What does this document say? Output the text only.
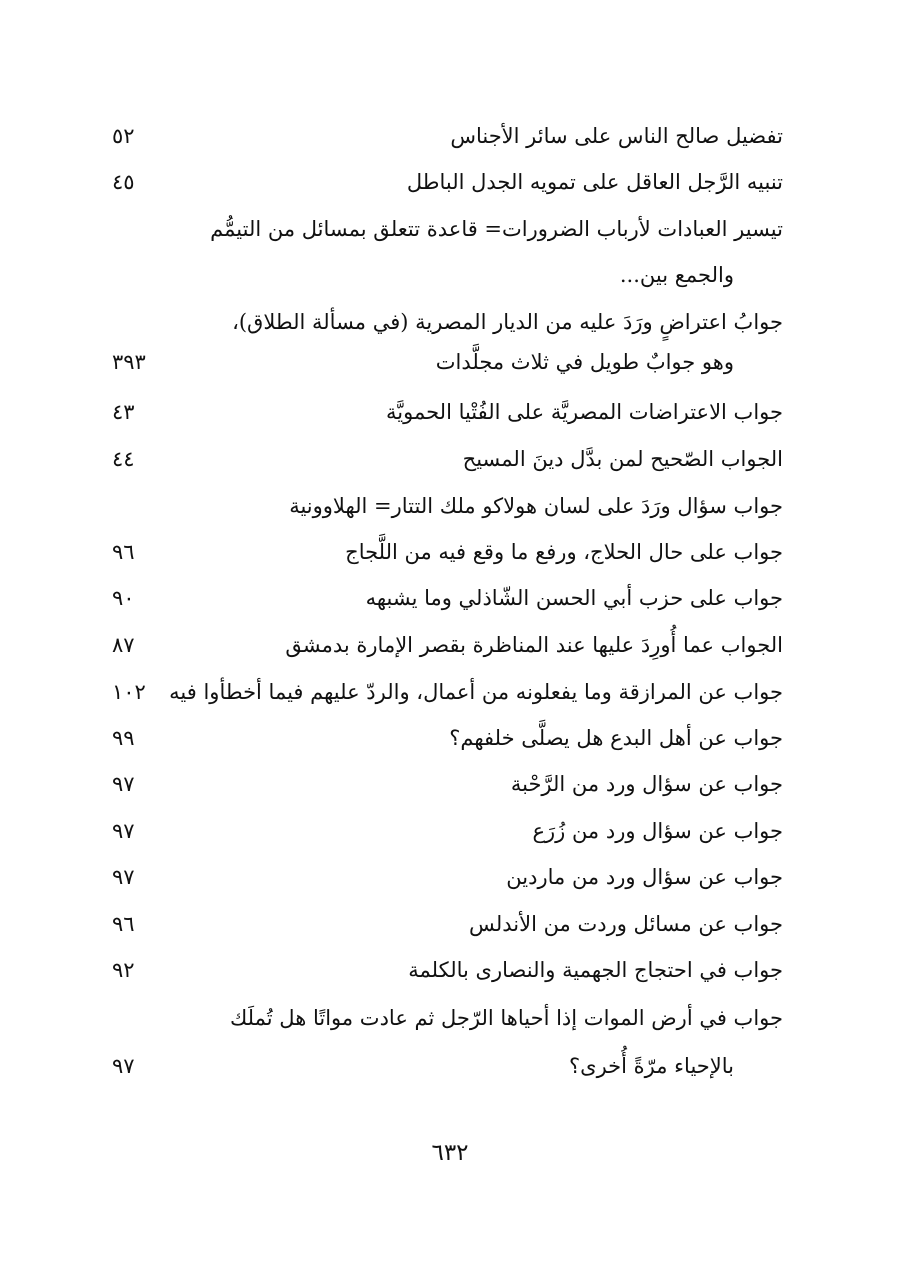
تفضيل صالح الناس على سائر الأجناس
٥٢
تنبيه الرَّجل العاقل على تمويه الجدل الباطل
٤٥
تيسير العبادات لأرباب الضرورات= قاعدة تتعلق بمسائل من التيمُّم
والجمع بين...
جوابُ اعتراضٍ ورَدَ عليه من الديار المصرية (في مسألة الطلاق)،
وهو جوابٌ طويل في ثلاث مجلَّدات
٣٩٣
جواب الاعتراضات المصريَّة على الفُتْيا الحمويَّة
٤٣
الجواب الصّحيح لمن بدَّل دينَ المسيح
٤٤
جواب سؤال ورَدَ على لسان هولاكو ملك التتار= الهلاوونية
جواب على حال الحلاج، ورفع ما وقع فيه من اللَّجاج
٩٦
جواب على حزب أبي الحسن الشّاذلي وما يشبهه
٩٠
الجواب عما أُورِدَ عليها عند المناظرة بقصر الإمارة بدمشق
٨٧
جواب عن المرازقة وما يفعلونه من أعمال، والردّ عليهم فيما أخطأوا فيه
١٠٢
جواب عن أهل البدع هل يصلَّى خلفهم؟
٩٩
جواب عن سؤال ورد من الرَّحْبة
٩٧
جواب عن سؤال ورد من زُرَع
٩٧
جواب عن سؤال ورد من ماردين
٩٧
جواب عن مسائل وردت من الأندلس
٩٦
جواب في احتجاج الجهمية والنصارى بالكلمة
٩٢
جواب في أرض الموات إذا أحياها الرّجل ثم عادت مواتًا هل تُملَك
بالإحياء مرّةً أُخرى؟
٩٧
٦٣٢
